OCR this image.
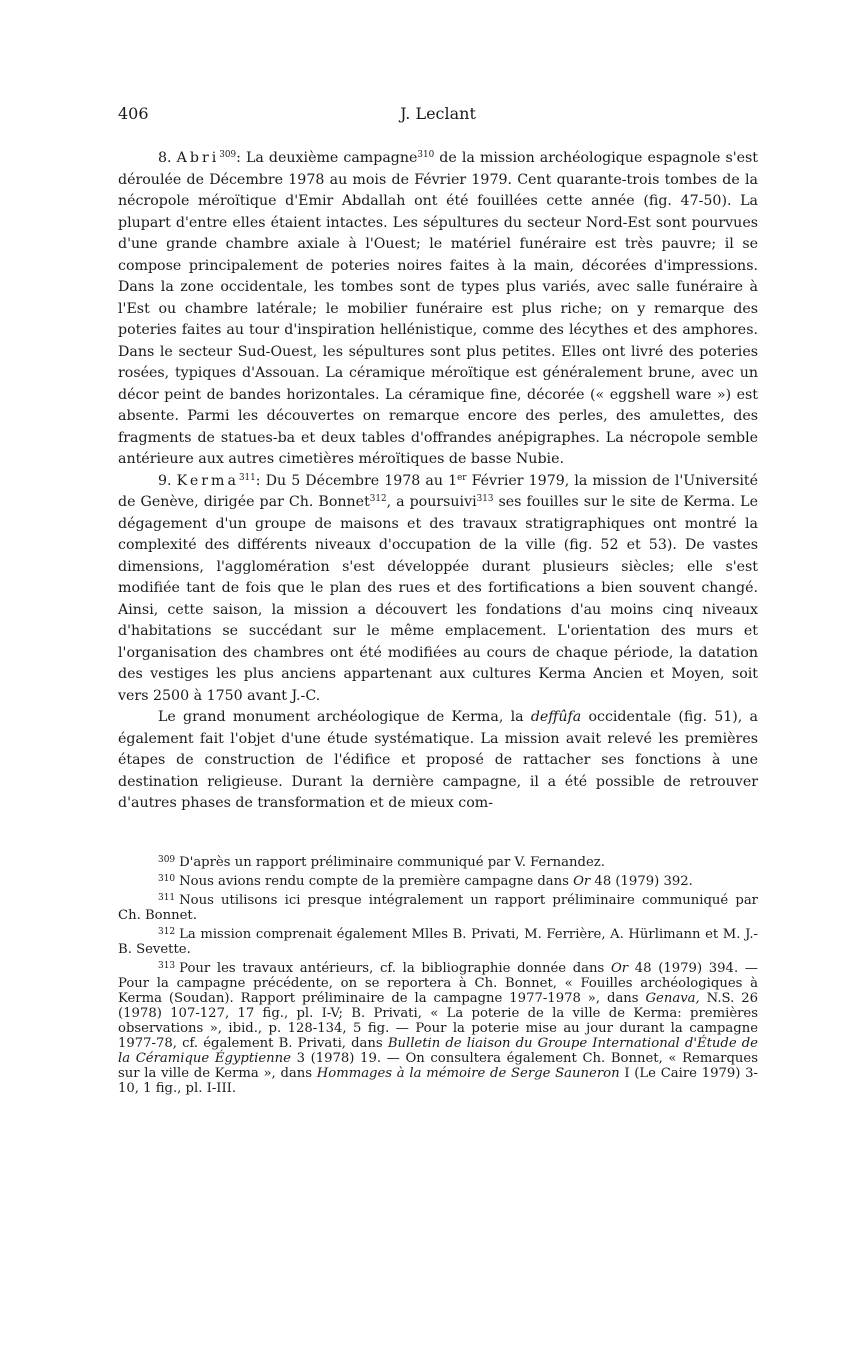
406	J. Leclant

8. Abri$^{309}$: La deuxième campagne$^{310}$ de la mission archéologique espagnole s'est déroulée de Décembre 1978 au mois de Février 1979. Cent quarante-trois tombes de la nécropole méroïtique d'Emir Abdallah ont été fouillées cette année (fig. 47-50). La plupart d'entre elles étaient intactes. Les sépultures du secteur Nord-Est sont pourvues d'une grande chambre axiale à l'Ouest; le matériel funéraire est très pauvre; il se compose principalement de poteries noires faites à la main, décorées d'impressions. Dans la zone occidentale, les tombes sont de types plus variés, avec salle funéraire à l'Est ou chambre latérale; le mobilier funéraire est plus riche; on y remarque des poteries faites au tour d'inspiration hellénistique, comme des lécythes et des amphores. Dans le secteur Sud-Ouest, les sépultures sont plus petites. Elles ont livré des poteries rosées, typiques d'Assouan. La céramique méroïtique est généralement brune, avec un décor peint de bandes horizontales. La céramique fine, décorée (« eggshell ware ») est absente. Parmi les découvertes on remarque encore des perles, des amulettes, des fragments de statues-ba et deux tables d'offrandes anépigraphes. La nécropole semble antérieure aux autres cimetières méroïtiques de basse Nubie.

9. Kerma$^{311}$: Du 5 Décembre 1978 au 1er Février 1979, la mission de l'Université de Genève, dirigée par Ch. Bonnet$^{312}$, a poursuivi$^{313}$ ses fouilles sur le site de Kerma. Le dégagement d'un groupe de maisons et des travaux stratigraphiques ont montré la complexité des différents niveaux d'occupation de la ville (fig. 52 et 53). De vastes dimensions, l'agglomération s'est développée durant plusieurs siècles; elle s'est modifiée tant de fois que le plan des rues et des fortifications a bien souvent changé. Ainsi, cette saison, la mission a découvert les fondations d'au moins cinq niveaux d'habitations se succédant sur le même emplacement. L'orientation des murs et l'organisation des chambres ont été modifiées au cours de chaque période, la datation des vestiges les plus anciens appartenant aux cultures Kerma Ancien et Moyen, soit vers 2500 à 1750 avant J.-C.

Le grand monument archéologique de Kerma, la deffûfa occidentale (fig. 51), a également fait l'objet d'une étude systématique. La mission avait relevé les premières étapes de construction de l'édifice et proposé de rattacher ses fonctions à une destination religieuse. Durant la dernière campagne, il a été possible de retrouver d'autres phases de transformation et de mieux com-

$^{309}$ D'après un rapport préliminaire communiqué par V. Fernandez.

$^{310}$ Nous avions rendu compte de la première campagne dans Or 48 (1979) 392.

$^{311}$ Nous utilisons ici presque intégralement un rapport préliminaire communiqué par Ch. Bonnet.

$^{312}$ La mission comprenait également Mlles B. Privati, M. Ferrière, A. Hürlimann et M. J.-B. Sevette.

$^{313}$ Pour les travaux antérieurs, cf. la bibliographie donnée dans Or 48 (1979) 394. — Pour la campagne précédente, on se reportera à Ch. Bonnet, « Fouilles archéologiques à Kerma (Soudan). Rapport préliminaire de la campagne 1977-1978 », dans Genava, N.S. 26 (1978) 107-127, 17 fig., pl. I-V; B. Privati, « La poterie de la ville de Kerma: premières observations », ibid., p. 128-134, 5 fig. — Pour la poterie mise au jour durant la campagne 1977-78, cf. également B. Privati, dans Bulletin de liaison du Groupe International d'Étude de la Céramique Égyptienne 3 (1978) 19. — On consultera également Ch. Bonnet, « Remarques sur la ville de Kerma », dans Hommages à la mémoire de Serge Sauneron I (Le Caire 1979) 3-10, 1 fig., pl. I-III.
